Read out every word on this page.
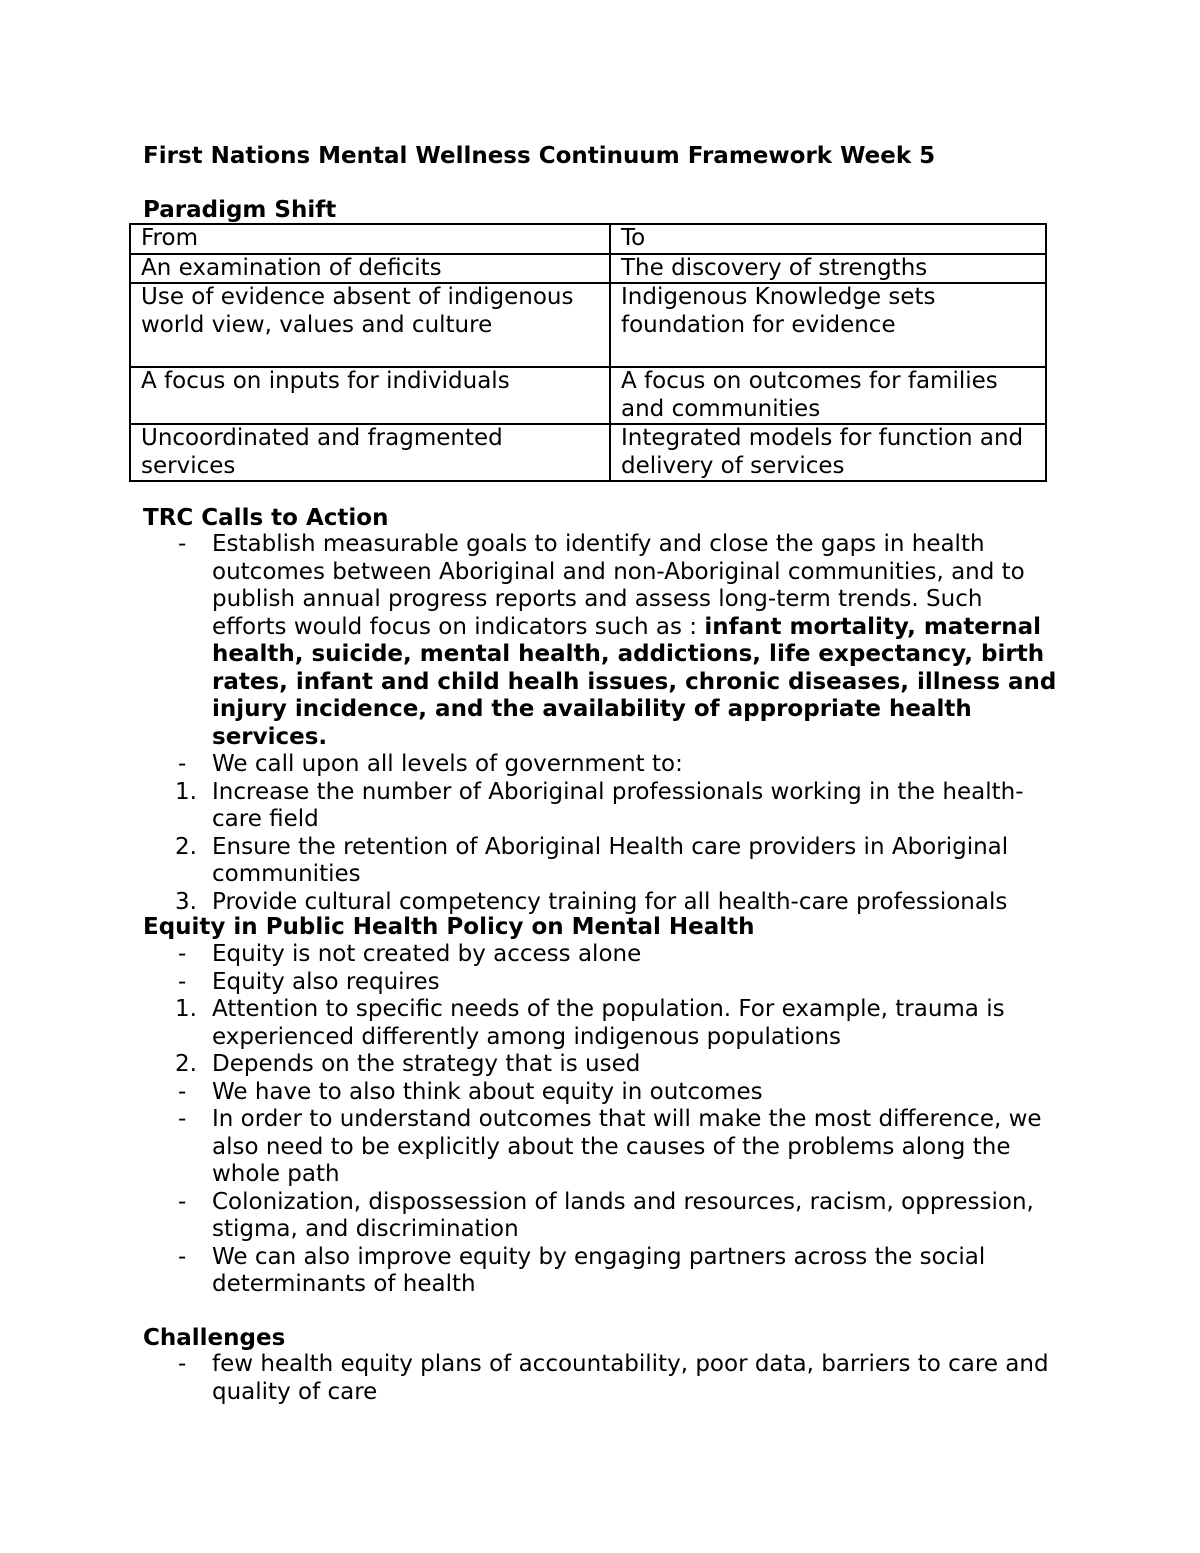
First Nations Mental Wellness Continuum Framework Week 5
Paradigm Shift
From	To
An examination of deficits	The discovery of strengths
Use of evidence absent of indigenous world view, values and culture	Indigenous Knowledge sets foundation for evidence
A focus on inputs for individuals	A focus on outcomes for families and communities
Uncoordinated and fragmented services	Integrated models for function and delivery of services
TRC Calls to Action
-	Establish measurable goals to identify and close the gaps in health outcomes between Aboriginal and non-Aboriginal communities, and to publish annual progress reports and assess long-term trends. Such efforts would focus on indicators such as : infant mortality, maternal health, suicide, mental health, addictions, life expectancy, birth rates, infant and child healh issues, chronic diseases, illness and injury incidence, and the availability of appropriate health services.
-	We call upon all levels of government to:
1. Increase the number of Aboriginal professionals working in the health-care field
2. Ensure the retention of Aboriginal Health care providers in Aboriginal communities
3. Provide cultural competency training for all health-care professionals
Equity in Public Health Policy on Mental Health
-	Equity is not created by access alone
-	Equity also requires
1. Attention to specific needs of the population. For example, trauma is experienced differently among indigenous populations
2. Depends on the strategy that is used
-	We have to also think about equity in outcomes
-	In order to understand outcomes that will make the most difference, we also need to be explicitly about the causes of the problems along the whole path
-	Colonization, dispossession of lands and resources, racism, oppression, stigma, and discrimination
-	We can also improve equity by engaging partners across the social determinants of health
Challenges
-	few health equity plans of accountability, poor data, barriers to care and quality of care
